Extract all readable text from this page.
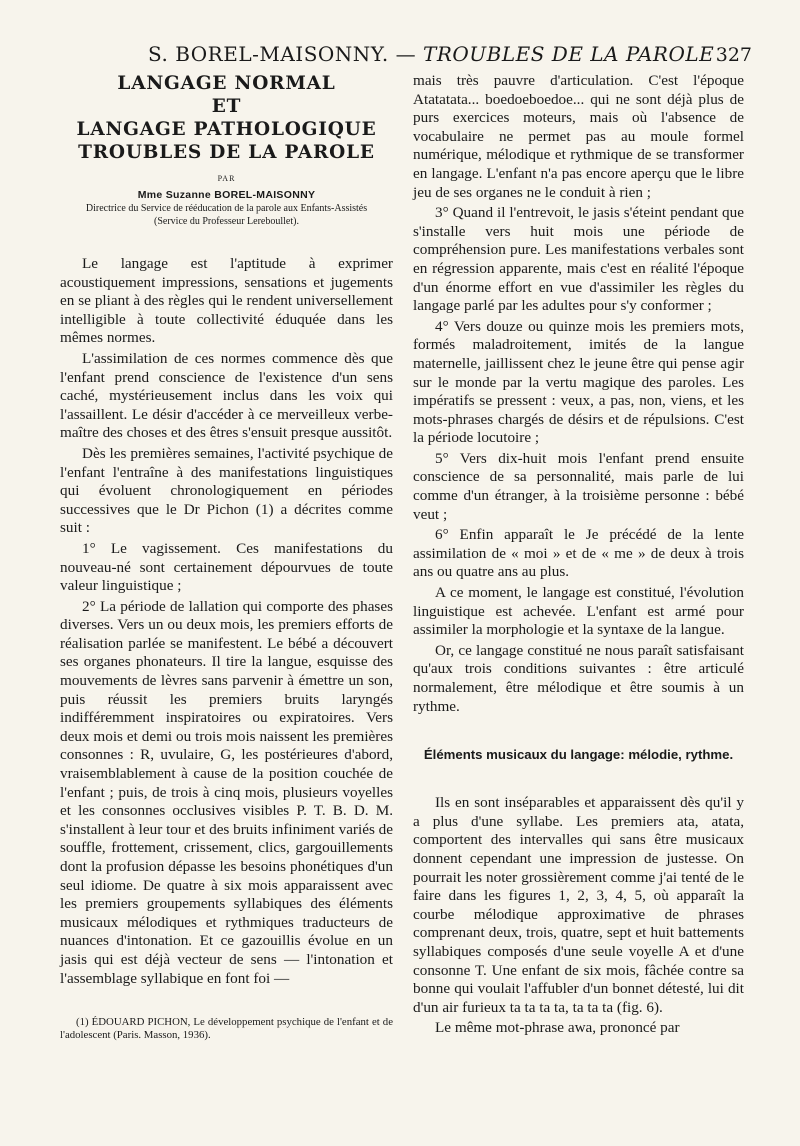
S. BOREL-MAISONNY. — TROUBLES DE LA PAROLE 327
LANGAGE NORMAL
ET
LANGAGE PATHOLOGIQUE
TROUBLES DE LA PAROLE
PAR
Mme Suzanne BOREL-MAISONNY
Directrice du Service de rééducation de la parole aux Enfants-Assistés
(Service du Professeur Lereboullet).

Le langage est l'aptitude à exprimer acoustiquement impressions, sensations et jugements en se pliant à des règles qui le rendent universellement intelligible à toute collectivité éduquée dans les mêmes normes.

L'assimilation de ces normes commence dès que l'enfant prend conscience de l'existence d'un sens caché, mystérieusement inclus dans les voix qui l'assaillent. Le désir d'accéder à ce merveilleux verbe-maître des choses et des êtres s'ensuit presque aussitôt.

Dès les premières semaines, l'activité psychique de l'enfant l'entraîne à des manifestations linguistiques qui évoluent chronologiquement en périodes successives que le Dr Pichon (1) a décrites comme suit :

1° Le vagissement. Ces manifestations du nouveau-né sont certainement dépourvues de toute valeur linguistique ;

2° La période de lallation qui comporte des phases diverses. Vers un ou deux mois, les premiers efforts de réalisation parlée se manifestent. Le bébé a découvert ses organes phonateurs. Il tire la langue, esquisse des mouvements de lèvres sans parvenir à émettre un son, puis réussit les premiers bruits laryngés indifféremment inspiratoires ou expiratoires. Vers deux mois et demi ou trois mois naissent les premières consonnes : R, uvulaire, G, les postérieures d'abord, vraisemblablement à cause de la position couchée de l'enfant ; puis, de trois à cinq mois, plusieurs voyelles et les consonnes occlusives visibles P. T. B. D. M. s'installent à leur tour et des bruits infiniment variés de souffle, frottement, crissement, clics, gargouillements dont la profusion dépasse les besoins phonétiques d'un seul idiome. De quatre à six mois apparaissent avec les premiers groupements syllabiques des éléments musicaux mélodiques et rythmiques traducteurs de nuances d'intonation. Et ce gazouillis évolue en un jasis qui est déjà vecteur de sens — l'intonation et l'assemblage syllabique en font foi —

(1) ÉDOUARD PICHON, Le développement psychique de l'enfant et de l'adolescent (Paris. Masson, 1936).

mais très pauvre d'articulation. C'est l'époque Atatatata... boedoeboedoe... qui ne sont déjà plus de purs exercices moteurs, mais où l'absence de vocabulaire ne permet pas au moule formel numérique, mélodique et rythmique de se transformer en langage. L'enfant n'a pas encore aperçu que le libre jeu de ses organes ne le conduit à rien ;

3° Quand il l'entrevoit, le jasis s'éteint pendant que s'installe vers huit mois une période de compréhension pure. Les manifestations verbales sont en régression apparente, mais c'est en réalité l'époque d'un énorme effort en vue d'assimiler les règles du langage parlé par les adultes pour s'y conformer ;

4° Vers douze ou quinze mois les premiers mots, formés maladroitement, imités de la langue maternelle, jaillissent chez le jeune être qui pense agir sur le monde par la vertu magique des paroles. Les impératifs se pressent : veux, a pas, non, viens, et les mots-phrases chargés de désirs et de répulsions. C'est la période locutoire ;

5° Vers dix-huit mois l'enfant prend ensuite conscience de sa personnalité, mais parle de lui comme d'un étranger, à la troisième personne : bébé veut ;

6° Enfin apparaît le Je précédé de la lente assimilation de « moi » et de « me » de deux à trois ans ou quatre ans au plus.

A ce moment, le langage est constitué, l'évolution linguistique est achevée. L'enfant est armé pour assimiler la morphologie et la syntaxe de la langue.

Or, ce langage constitué ne nous paraît satisfaisant qu'aux trois conditions suivantes : être articulé normalement, être mélodique et être soumis à un rythme.

Éléments musicaux du langage: mélodie, rythme.

Ils en sont inséparables et apparaissent dès qu'il y a plus d'une syllabe. Les premiers ata, atata, comportent des intervalles qui sans être musicaux donnent cependant une impression de justesse. On pourrait les noter grossièrement comme j'ai tenté de le faire dans les figures 1, 2, 3, 4, 5, où apparaît la courbe mélodique approximative de phrases comprenant deux, trois, quatre, sept et huit battements syllabiques composés d'une seule voyelle A et d'une consonne T. Une enfant de six mois, fâchée contre sa bonne qui voulait l'affubler d'un bonnet détesté, lui dit d'un air furieux ta ta ta ta, ta ta ta (fig. 6).

Le même mot-phrase awa, prononcé par
